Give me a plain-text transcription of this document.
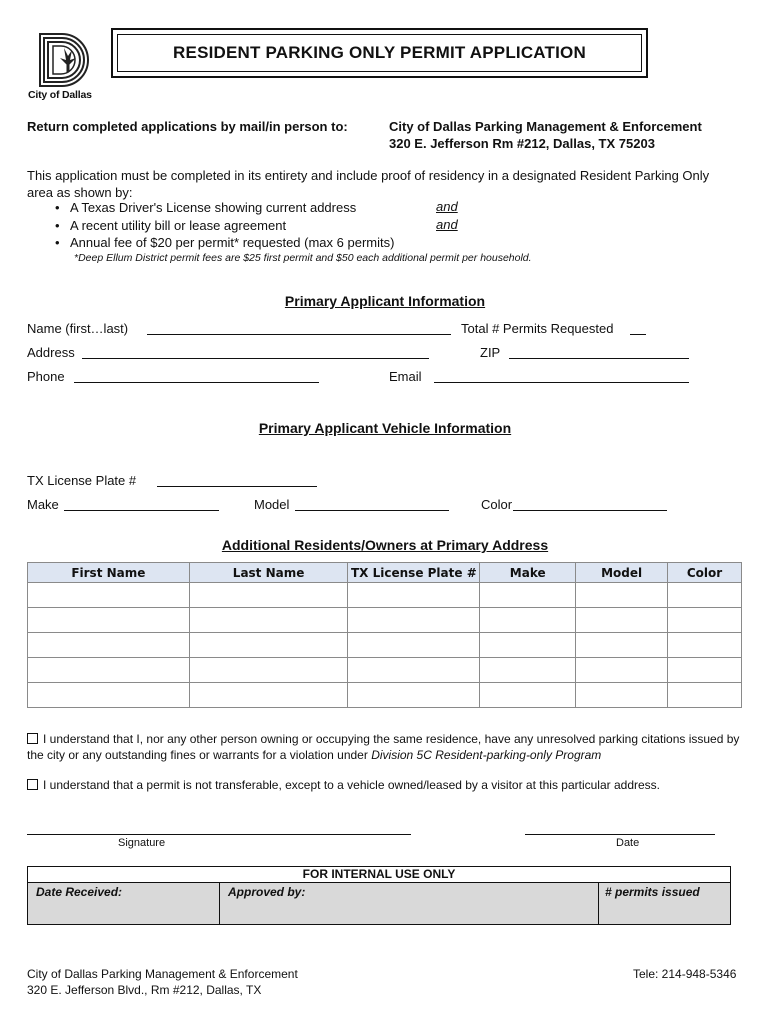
City of Dallas
RESIDENT PARKING ONLY PERMIT APPLICATION
Return completed applications by mail/in person to:	City of Dallas Parking Management & Enforcement
320 E. Jefferson Rm #212, Dallas, TX 75203
This application must be completed in its entirety and include proof of residency in a designated Resident Parking Only area as shown by:
• A Texas Driver's License showing current address
• A recent utility bill or lease agreement
• Annual fee of $20 per permit* requested (max 6 permits)
and
and
*Deep Ellum District permit fees are $25 first permit and $50 each additional permit per household.
Primary Applicant Information
Name (first…last)	Total # Permits Requested
Address	ZIP
Phone	Email
Primary Applicant Vehicle Information
TX License Plate #
Make	Model	Color
Additional Residents/Owners at Primary Address
First Name	Last Name	TX License Plate #	Make	Model	Color

I understand that I, nor any other person owning or occupying the same residence, have any unresolved parking citations issued by the city or any outstanding fines or warrants for a violation under Division 5C Resident-parking-only Program
I understand that a permit is not transferable, except to a vehicle owned/leased by a visitor at this particular address.
Signature	Date
FOR INTERNAL USE ONLY
Date Received:	Approved by:	# permits issued
City of Dallas Parking Management & Enforcement
320 E. Jefferson Blvd., Rm #212, Dallas, TX
Tele: 214-948-5346
